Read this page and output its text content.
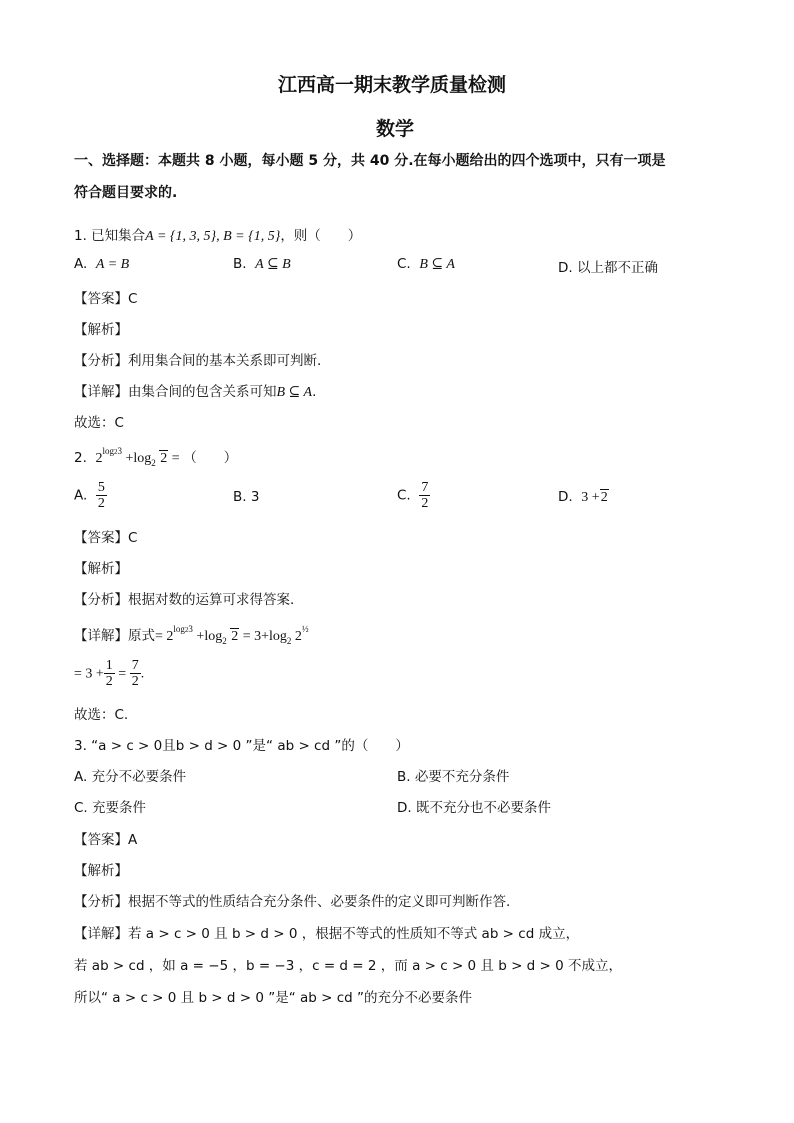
江西高一期末教学质量检测
数学
一、选择题：本题共 8 小题，每小题 5 分，共 40 分.在每小题给出的四个选项中，只有一项是
符合题目要求的.
1. 已知集合A = {1, 3, 5}, B = {1, 5}，则（　　）
A. A = B	B. A ⊆ B	C. B ⊆ A	D. 以上都不正确
【答案】C
【解析】
【分析】利用集合间的基本关系即可判断.
【详解】由集合间的包含关系可知B ⊆ A.
故选：C
2. $2^{log23} +\log_2$ 2 = （　　）
A. $\frac{5}{2}$	B. 3	C. $\frac{7}{2}$	D. 3 +2
【答案】C
【解析】
【分析】根据对数的运算可求得答案.
【详解】原式= $2^{log23} +\log_2$ $2 = 3+\log_2$ $2^{\frac{1}{2}}$
= $3 + \frac{1}{2} = \frac{7}{2}$ .
故选：C.
3. “a > c > 0且b > d > 0 ”是“ ab > cd ”的（　　）
A. 充分不必要条件	B. 必要不充分条件
C. 充要条件	D. 既不充分也不必要条件
【答案】A
【解析】
【分析】根据不等式的性质结合充分条件、必要条件的定义即可判断作答.
【详解】若 a > c > 0 且 b > d > 0 ，根据不等式的性质知不等式 ab > cd 成立，
若 ab > cd ，如 a = −5 ，b = −3 ，c = d = 2 ，而 a > c > 0 且 b > d > 0 不成立，
所以“ a > c > 0 且 b > d > 0 ”是“ ab > cd ”的充分不必要条件
